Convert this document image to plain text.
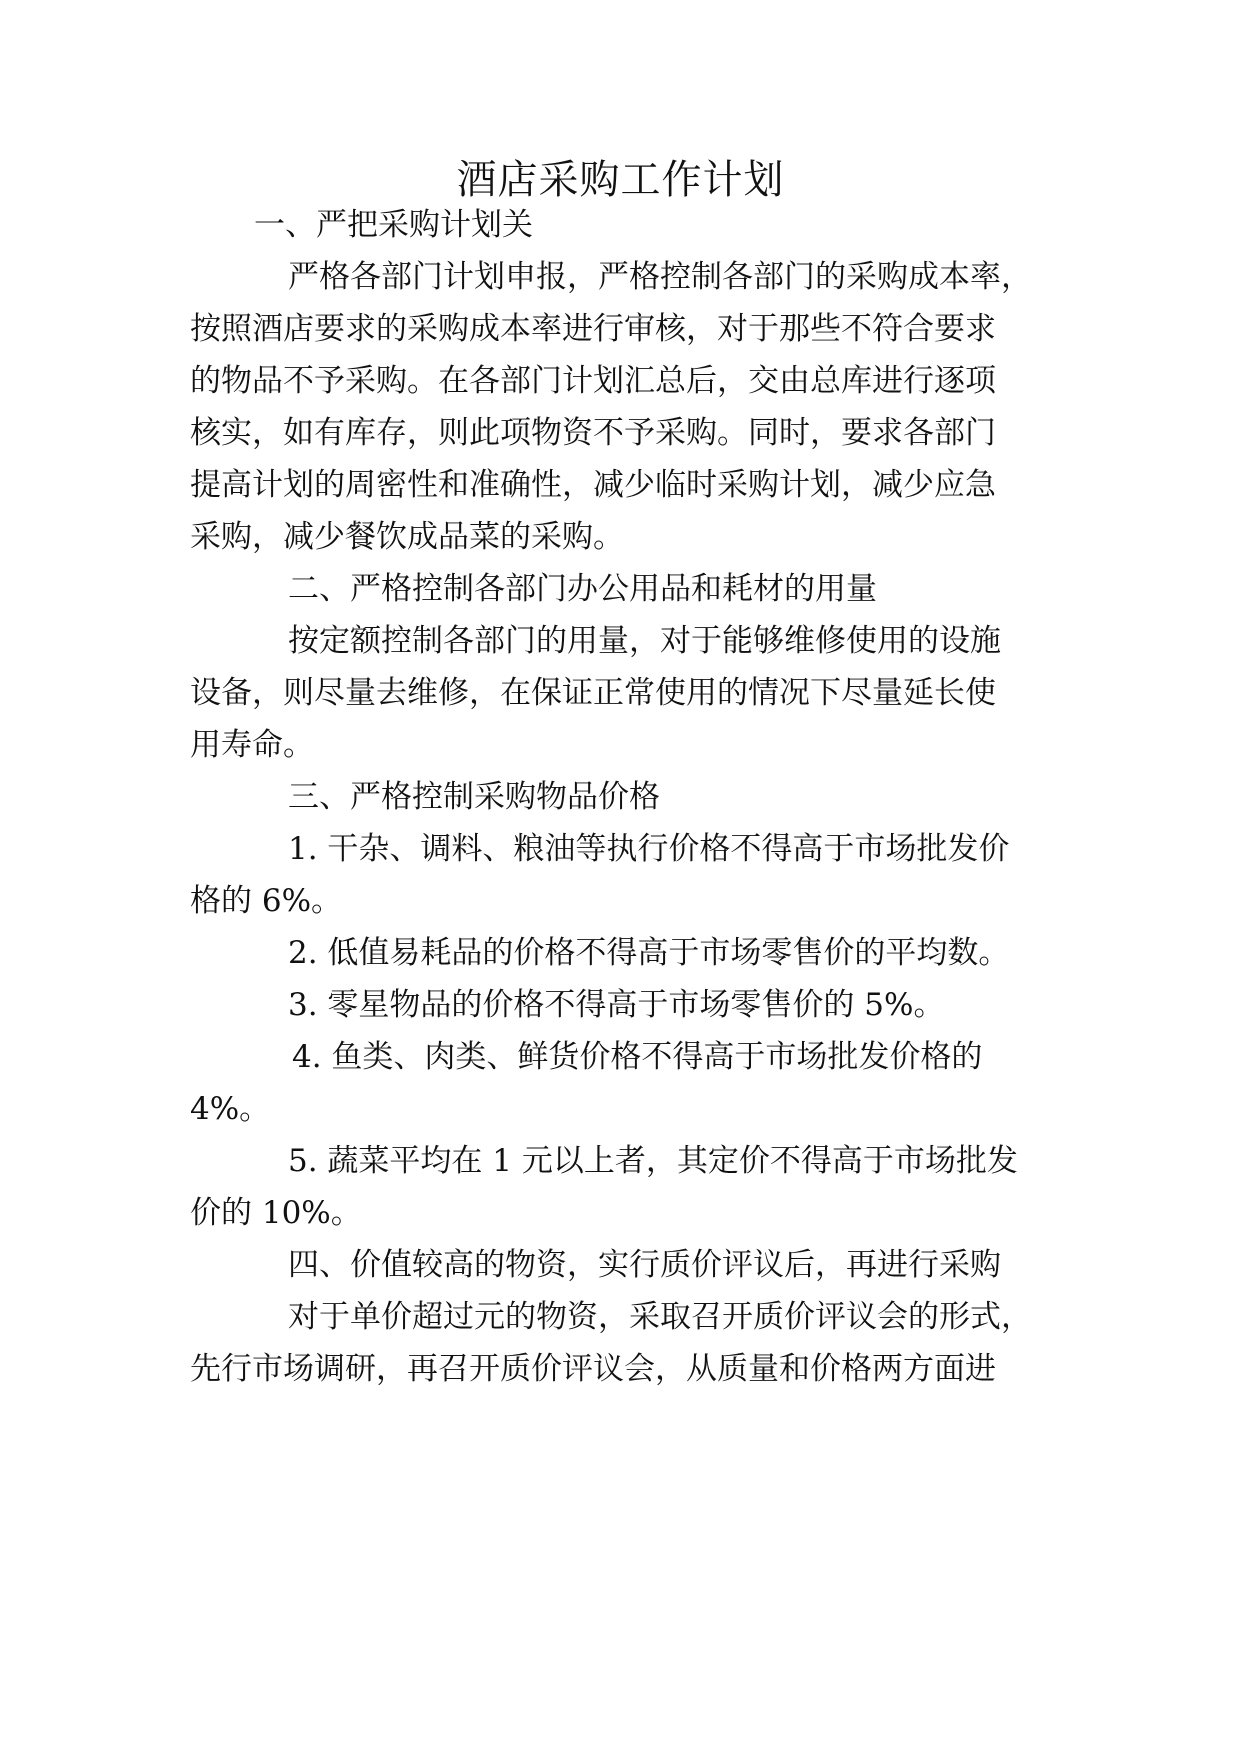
酒店采购工作计划

一、严把采购计划关

严格各部门计划申报，严格控制各部门的采购成本率，

按照酒店要求的采购成本率进行审核，对于那些不符合要求

的物品不予采购。在各部门计划汇总后，交由总库进行逐项

核实，如有库存，则此项物资不予采购。同时，要求各部门

提高计划的周密性和准确性，减少临时采购计划，减少应急

采购，减少餐饮成品菜的采购。

二、严格控制各部门办公用品和耗材的用量

按定额控制各部门的用量，对于能够维修使用的设施

设备，则尽量去维修，在保证正常使用的情况下尽量延长使

用寿命。

三、严格控制采购物品价格

1. 干杂、调料、粮油等执行价格不得高于市场批发价

格的 6%。

2. 低值易耗品的价格不得高于市场零售价的平均数。

3. 零星物品的价格不得高于市场零售价的 5%。

4. 鱼类、肉类、鲜货价格不得高于市场批发价格的

4%。

5. 蔬菜平均在 1 元以上者，其定价不得高于市场批发

价的 10%。

四、价值较高的物资，实行质价评议后，再进行采购

对于单价超过元的物资，采取召开质价评议会的形式，

先行市场调研，再召开质价评议会，从质量和价格两方面进
